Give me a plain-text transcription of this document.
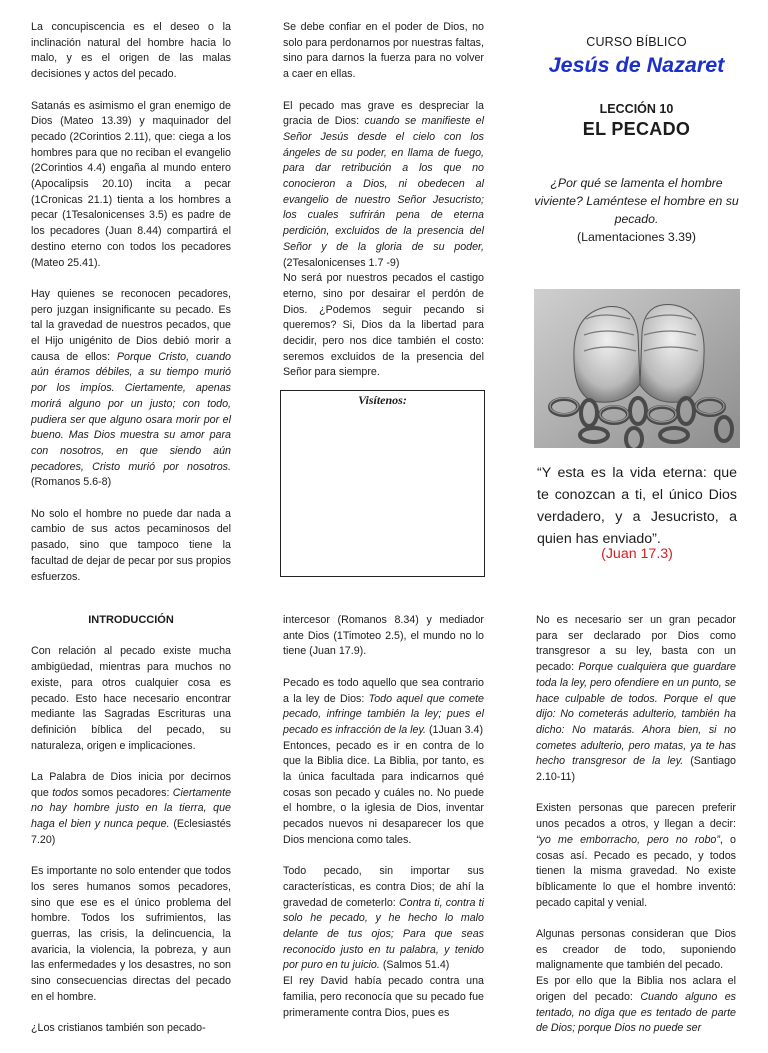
La concupiscencia es el deseo o la inclinación natural del hombre hacia lo malo, y es el origen de las malas decisiones y actos del pecado.

Satanás es asimismo el gran enemigo de Dios (Mateo 13.39) y maquinador del pecado (2Corintios 2.11), que: ciega a los hombres para que no reciban el evangelio (2Corintios 4.4) engaña al mundo entero (Apocalipsis 20.10) incita a pecar (1Cronicas 21.1) tienta a los hombres a pecar (1Tesalonicenses 3.5) es padre de los pecadores (Juan 8.44) compartirá el destino eterno con todos los pecadores (Mateo 25.41).

Hay quienes se reconocen pecadores, pero juzgan insignificante su pecado. Es tal la gravedad de nuestros pecados, que el Hijo unigénito de Dios debió morir a causa de ellos: Porque Cristo, cuando aún éramos débiles, a su tiempo murió por los impíos. Ciertamente, apenas morirá alguno por un justo; con todo, pudiera ser que alguno osara morir por el bueno. Mas Dios muestra su amor para con nosotros, en que siendo aún pecadores, Cristo murió por nosotros. (Romanos 5.6-8)

No solo el hombre no puede dar nada a cambio de sus actos pecaminosos del pasado, sino que tampoco tiene la facultad de dejar de pecar por sus propios esfuerzos.

Se debe confiar en el poder de Dios, no solo para perdonarnos por nuestras faltas, sino para darnos la fuerza para no volver a caer en ellas.

El pecado mas grave es despreciar la gracia de Dios: cuando se manifieste el Señor Jesús desde el cielo con los ángeles de su poder, en llama de fuego, para dar retribución a los que no conocieron a Dios, ni obedecen al evangelio de nuestro Señor Jesucristo; los cuales sufrirán pena de eterna perdición, excluidos de la presencia del Señor y de la gloria de su poder, (2Tesalonicenses 1.7 -9)

No será por nuestros pecados el castigo eterno, sino por desairar el perdón de Dios. ¿Podemos seguir pecando si queremos? Si, Dios da la libertad para decidir, pero nos dice también el costo: seremos excluidos de la presencia del Señor para siempre.

Visítenos:
CURSO BÍBLICO
Jesús de Nazaret
LECCIÓN 10
EL PECADO
¿Por qué se lamenta el hombre viviente? Laméntese el hombre en su pecado.
(Lamentaciones 3.39)
“Y esta es la vida eterna: que te conozcan a ti, el único Dios verdadero, y a Jesucristo, a quien has enviado”.
(Juan 17.3)

INTRODUCCIÓN

Con relación al pecado existe mucha ambigüedad, mientras para muchos no existe, para otros cualquier cosa es pecado. Esto hace necesario encontrar mediante las Sagradas Escrituras una definición bíblica del pecado, su naturaleza, origen e implicaciones.

La Palabra de Dios inicia por decirnos que todos somos pecadores: Ciertamente no hay hombre justo en la tierra, que haga el bien y nunca peque. (Eclesiastés 7.20)

Es importante no solo entender que todos los seres humanos somos pecadores, sino que ese es el único problema del hombre. Todos los sufrimientos, las guerras, las crisis, la delincuencia, la avaricia, la violencia, la pobreza, y aun las enfermedades y los desastres, no son sino consecuencias directas del pecado en el hombre.

¿Los cristianos también son pecado-

intercesor (Romanos 8.34) y mediador ante Dios (1Timoteo 2.5), el mundo no lo tiene (Juan 17.9).

Pecado es todo aquello que sea contrario a la ley de Dios: Todo aquel que comete pecado, infringe también la ley; pues el pecado es infracción de la ley. (1Juan 3.4)

Entonces, pecado es ir en contra de lo que la Biblia dice. La Biblia, por tanto, es la única facultada para indicarnos qué cosas son pecado y cuáles no. No puede el hombre, o la iglesia de Dios, inventar pecados nuevos ni desaparecer los que Dios menciona como tales.

Todo pecado, sin importar sus características, es contra Dios; de ahí la gravedad de cometerlo: Contra ti, contra ti solo he pecado, y he hecho lo malo delante de tus ojos; Para que seas reconocido justo en tu palabra, y tenido por puro en tu juicio. (Salmos 51.4)

El rey David había pecado contra una familia, pero reconocía que su pecado fue primeramente contra Dios, pues es

No es necesario ser un gran pecador para ser declarado por Dios como transgresor a su ley, basta con un pecado: Porque cualquiera que guardare toda la ley, pero ofendiere en un punto, se hace culpable de todos. Porque el que dijo: No cometerás adulterio, también ha dicho: No matarás. Ahora bien, si no cometes adulterio, pero matas, ya te has hecho transgresor de la ley. (Santiago 2.10-11)

Existen personas que parecen preferir unos pecados a otros, y llegan a decir: “yo me emborracho, pero no robo”, o cosas así. Pecado es pecado, y todos tienen la misma gravedad. No existe bíblicamente lo que el hombre inventó: pecado capital y venial.

Algunas personas consideran que Dios es creador de todo, suponiendo malignamente que también del pecado.

Es por ello que la Biblia nos aclara el origen del pecado: Cuando alguno es tentado, no diga que es tentado de parte de Dios; porque Dios no puede ser
